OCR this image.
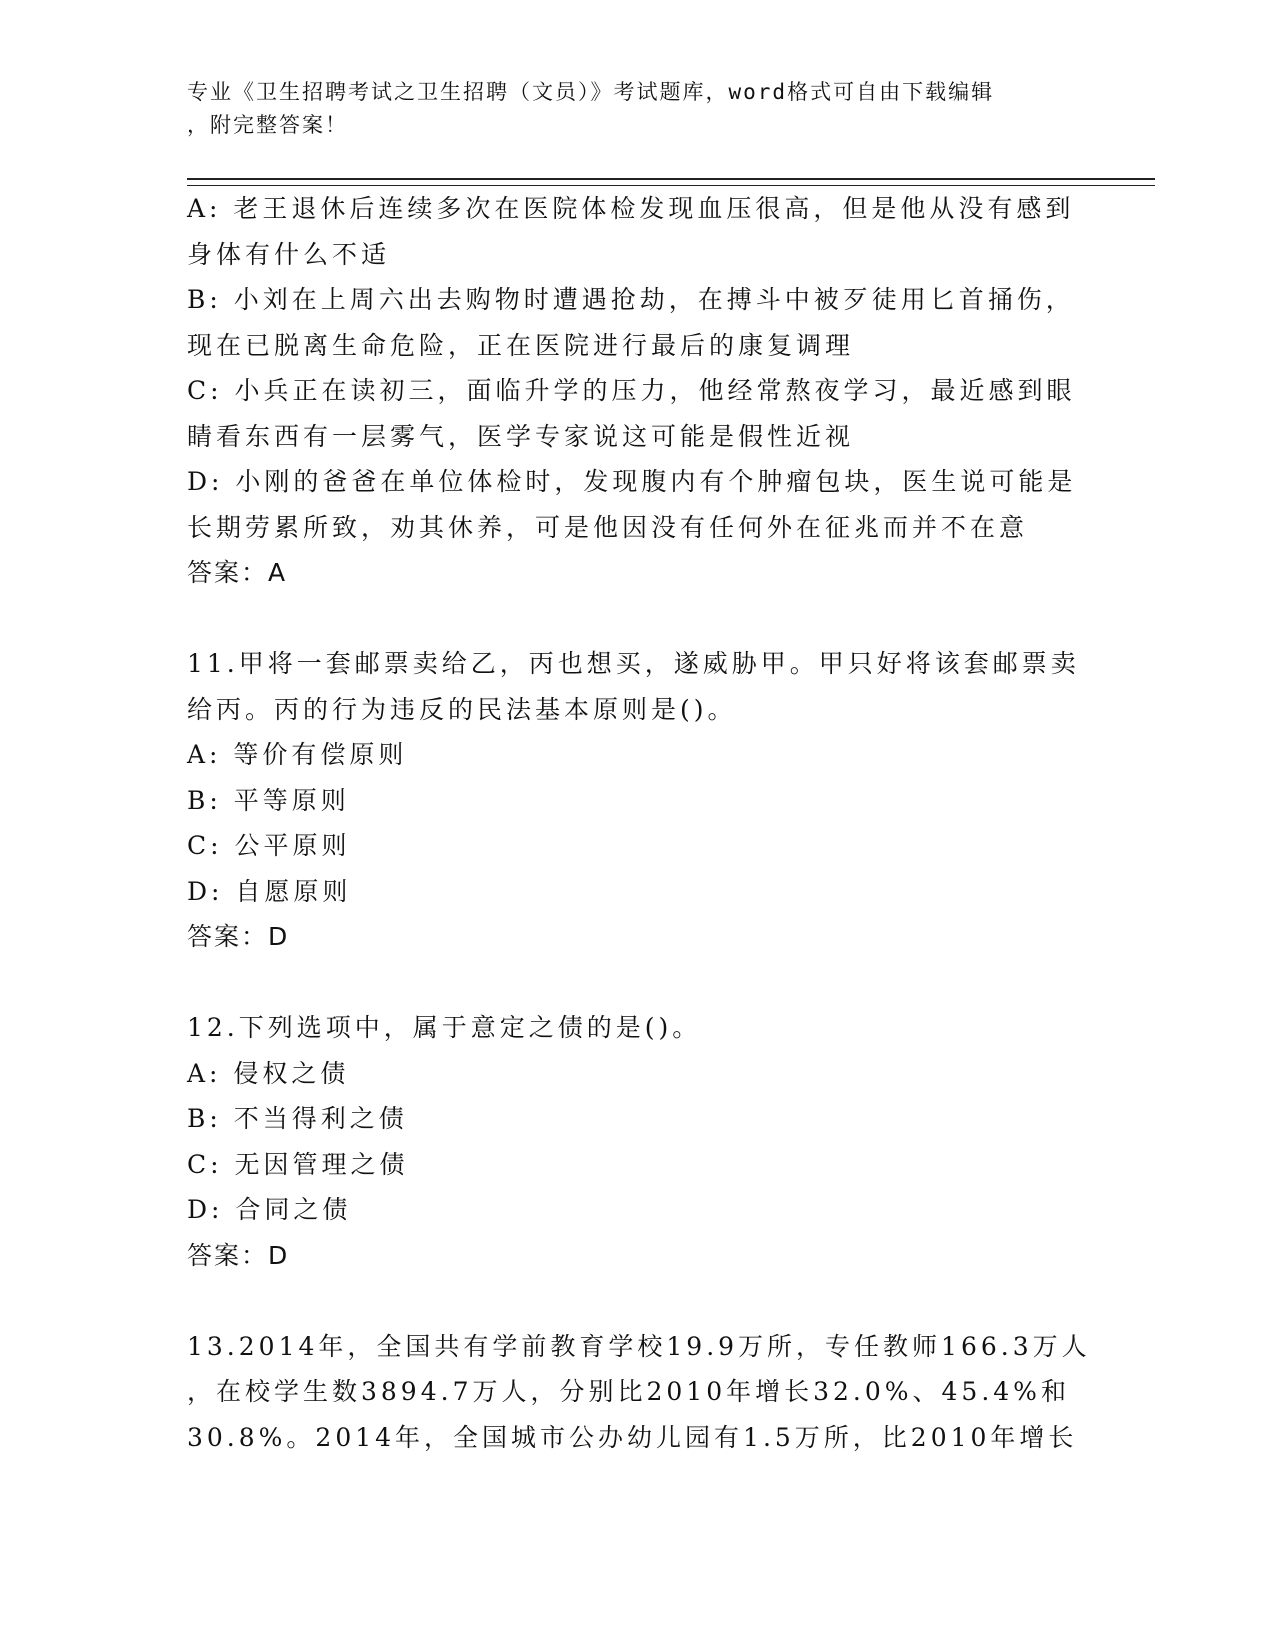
专业《卫生招聘考试之卫生招聘（文员）》考试题库，word格式可自由下载编辑
，附完整答案！
A: 老王退休后连续多次在医院体检发现血压很高，但是他从没有感到
身体有什么不适
B: 小刘在上周六出去购物时遭遇抢劫，在搏斗中被歹徒用匕首捅伤，
现在已脱离生命危险，正在医院进行最后的康复调理
C: 小兵正在读初三，面临升学的压力，他经常熬夜学习，最近感到眼
睛看东西有一层雾气，医学专家说这可能是假性近视
D: 小刚的爸爸在单位体检时，发现腹内有个肿瘤包块，医生说可能是
长期劳累所致，劝其休养，可是他因没有任何外在征兆而并不在意
答案：A
11.甲将一套邮票卖给乙，丙也想买，遂威胁甲。甲只好将该套邮票卖
给丙。丙的行为违反的民法基本原则是()。
A: 等价有偿原则
B: 平等原则
C: 公平原则
D: 自愿原则
答案：D
12.下列选项中，属于意定之债的是()。
A: 侵权之债
B: 不当得利之债
C: 无因管理之债
D: 合同之债
答案：D
13.2014年，全国共有学前教育学校19.9万所，专任教师166.3万人
，在校学生数3894.7万人，分别比2010年增长32.0%、45.4%和
30.8%。2014年，全国城市公办幼儿园有1.5万所，比2010年增长
